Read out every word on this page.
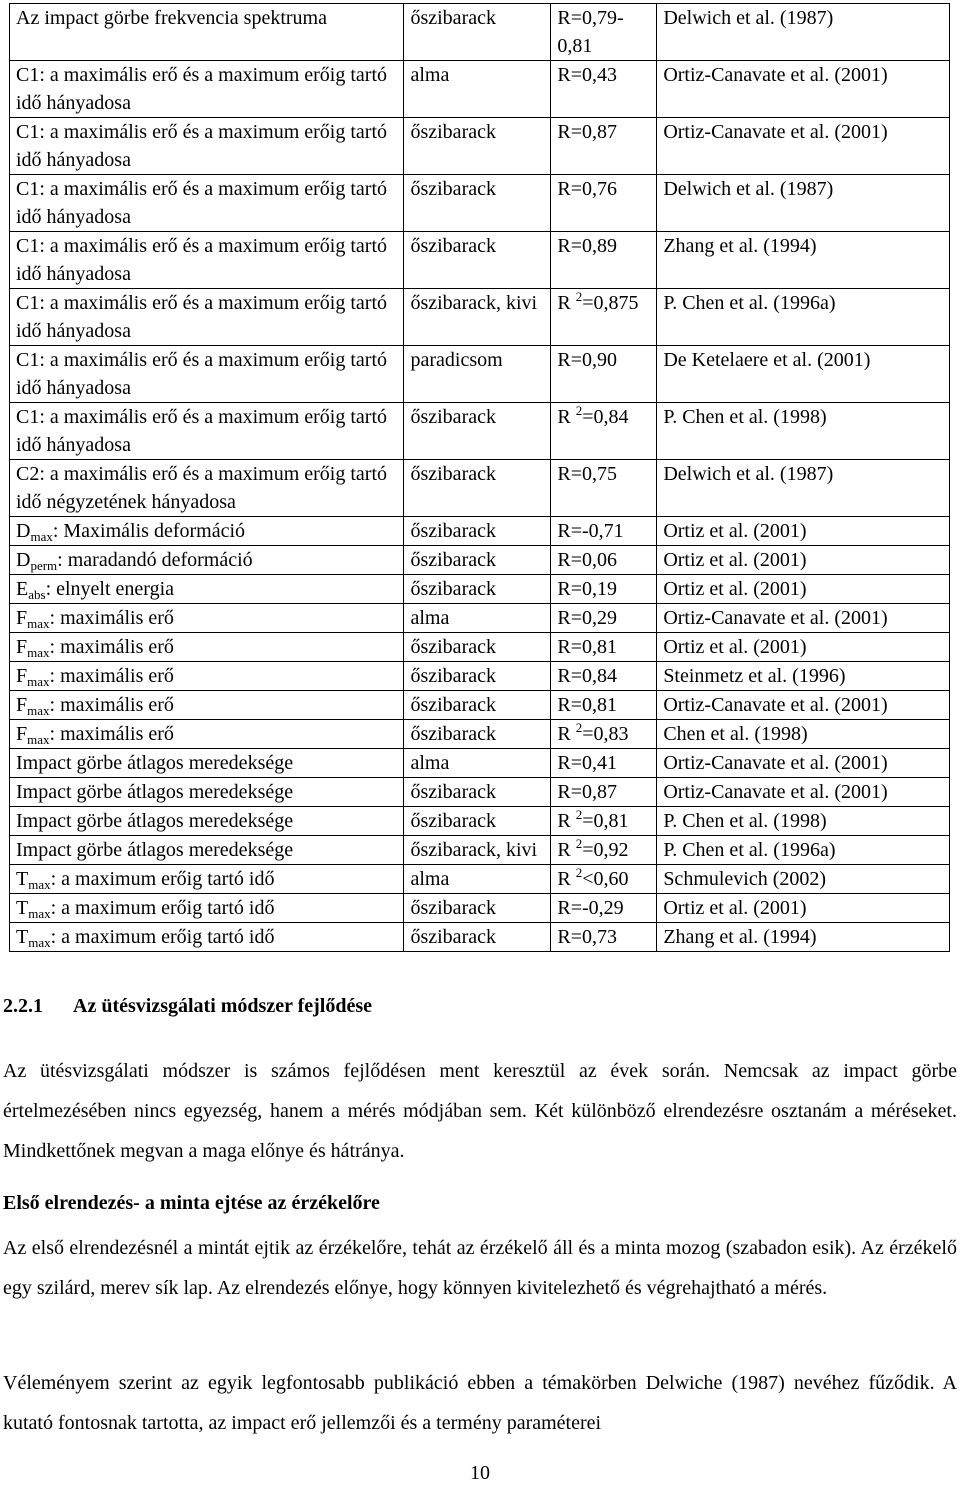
Az impact görbe frekvencia spektruma	őszibarack	R=0,79-0,81	Delwich et al. (1987)
C1: a maximális erő és a maximum erőig tartó idő hányadosa	alma	R=0,43	Ortiz-Canavate et al. (2001)
C1: a maximális erő és a maximum erőig tartó idő hányadosa	őszibarack	R=0,87	Ortiz-Canavate et al. (2001)
C1: a maximális erő és a maximum erőig tartó idő hányadosa	őszibarack	R=0,76	Delwich et al. (1987)
C1: a maximális erő és a maximum erőig tartó idő hányadosa	őszibarack	R=0,89	Zhang et al. (1994)
C1: a maximális erő és a maximum erőig tartó idő hányadosa	őszibarack, kivi	R $^2$=0,875	P. Chen et al. (1996a)
C1: a maximális erő és a maximum erőig tartó idő hányadosa	paradicsom	R=0,90	De Ketelaere et al. (2001)
C1: a maximális erő és a maximum erőig tartó idő hányadosa	őszibarack	R $^2$=0,84	P. Chen et al. (1998)
C2: a maximális erő és a maximum erőig tartó idő négyzetének hányadosa	őszibarack	R=0,75	Delwich et al. (1987)
$D_{max}$: Maximális deformáció	őszibarack	R=-0,71	Ortiz et al. (2001)
$D_{perm}$: maradandó deformáció	őszibarack	R=0,06	Ortiz et al. (2001)
$E_{abs}$: elnyelt energia	őszibarack	R=0,19	Ortiz et al. (2001)
$F_{max}$: maximális erő	alma	R=0,29	Ortiz-Canavate et al. (2001)
$F_{max}$: maximális erő	őszibarack	R=0,81	Ortiz et al. (2001)
$F_{max}$: maximális erő	őszibarack	R=0,84	Steinmetz et al. (1996)
$F_{max}$: maximális erő	őszibarack	R=0,81	Ortiz-Canavate et al. (2001)
$F_{max}$: maximális erő	őszibarack	R $^2$=0,83	Chen et al. (1998)
Impact görbe átlagos meredeksége	alma	R=0,41	Ortiz-Canavate et al. (2001)
Impact görbe átlagos meredeksége	őszibarack	R=0,87	Ortiz-Canavate et al. (2001)
Impact görbe átlagos meredeksége	őszibarack	R $^2$=0,81	P. Chen et al. (1998)
Impact görbe átlagos meredeksége	őszibarack, kivi	R $^2$=0,92	P. Chen et al. (1996a)
$T_{max}$: a maximum erőig tartó idő	alma	R $^2$<0,60	Schmulevich (2002)
$T_{max}$: a maximum erőig tartó idő	őszibarack	R=-0,29	Ortiz et al. (2001)
$T_{max}$: a maximum erőig tartó idő	őszibarack	R=0,73	Zhang et al. (1994)
2.2.1 Az ütésvizsgálati módszer fejlődése
Az ütésvizsgálati módszer is számos fejlődésen ment keresztül az évek során. Nemcsak az impact görbe értelmezésében nincs egyezség, hanem a mérés módjában sem. Két különböző elrendezésre osztanám a méréseket. Mindkettőnek megvan a maga előnye és hátránya.
Első elrendezés- a minta ejtése az érzékelőre
Az első elrendezésnél a mintát ejtik az érzékelőre, tehát az érzékelő áll és a minta mozog (szabadon esik). Az érzékelő egy szilárd, merev sík lap. Az elrendezés előnye, hogy könnyen kivitelezhető és végrehajtható a mérés.
Véleményem szerint az egyik legfontosabb publikáció ebben a témakörben Delwiche (1987) nevéhez fűződik. A kutató fontosnak tartotta, az impact erő jellemzői és a termény paraméterei
10
